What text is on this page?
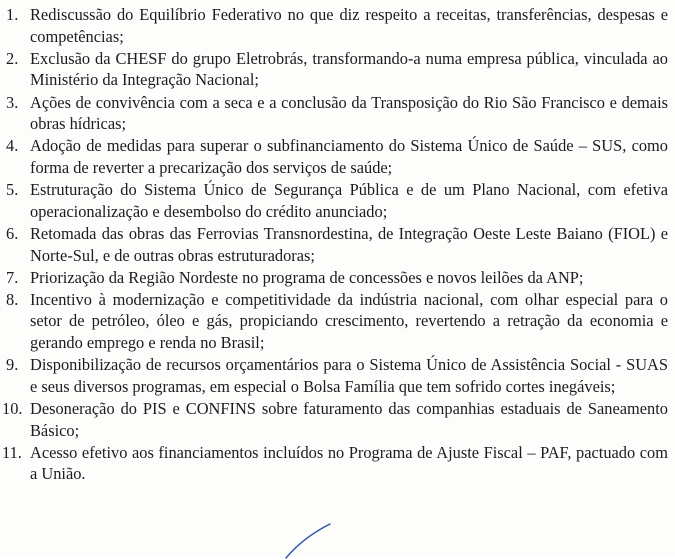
1. Rediscussão do Equilíbrio Federativo no que diz respeito a receitas, transferências, despesas e competências;
2. Exclusão da CHESF do grupo Eletrobrás, transformando-a numa empresa pública, vinculada ao Ministério da Integração Nacional;
3. Ações de convivência com a seca e a conclusão da Transposição do Rio São Francisco e demais obras hídricas;
4. Adoção de medidas para superar o subfinanciamento do Sistema Único de Saúde – SUS, como forma de reverter a precarização dos serviços de saúde;
5. Estruturação do Sistema Único de Segurança Pública e de um Plano Nacional, com efetiva operacionalização e desembolso do crédito anunciado;
6. Retomada das obras das Ferrovias Transnordestina, de Integração Oeste Leste Baiano (FIOL) e Norte-Sul, e de outras obras estruturadoras;
7. Priorização da Região Nordeste no programa de concessões e novos leilões da ANP;
8. Incentivo à modernização e competitividade da indústria nacional, com olhar especial para o setor de petróleo, óleo e gás, propiciando crescimento, revertendo a retração da economia e gerando emprego e renda no Brasil;
9. Disponibilização de recursos orçamentários para o Sistema Único de Assistência Social - SUAS e seus diversos programas, em especial o Bolsa Família que tem sofrido cortes inegáveis;
10. Desoneração do PIS e CONFINS sobre faturamento das companhias estaduais de Saneamento Básico;
11. Acesso efetivo aos financiamentos incluídos no Programa de Ajuste Fiscal – PAF, pactuado com a União.
